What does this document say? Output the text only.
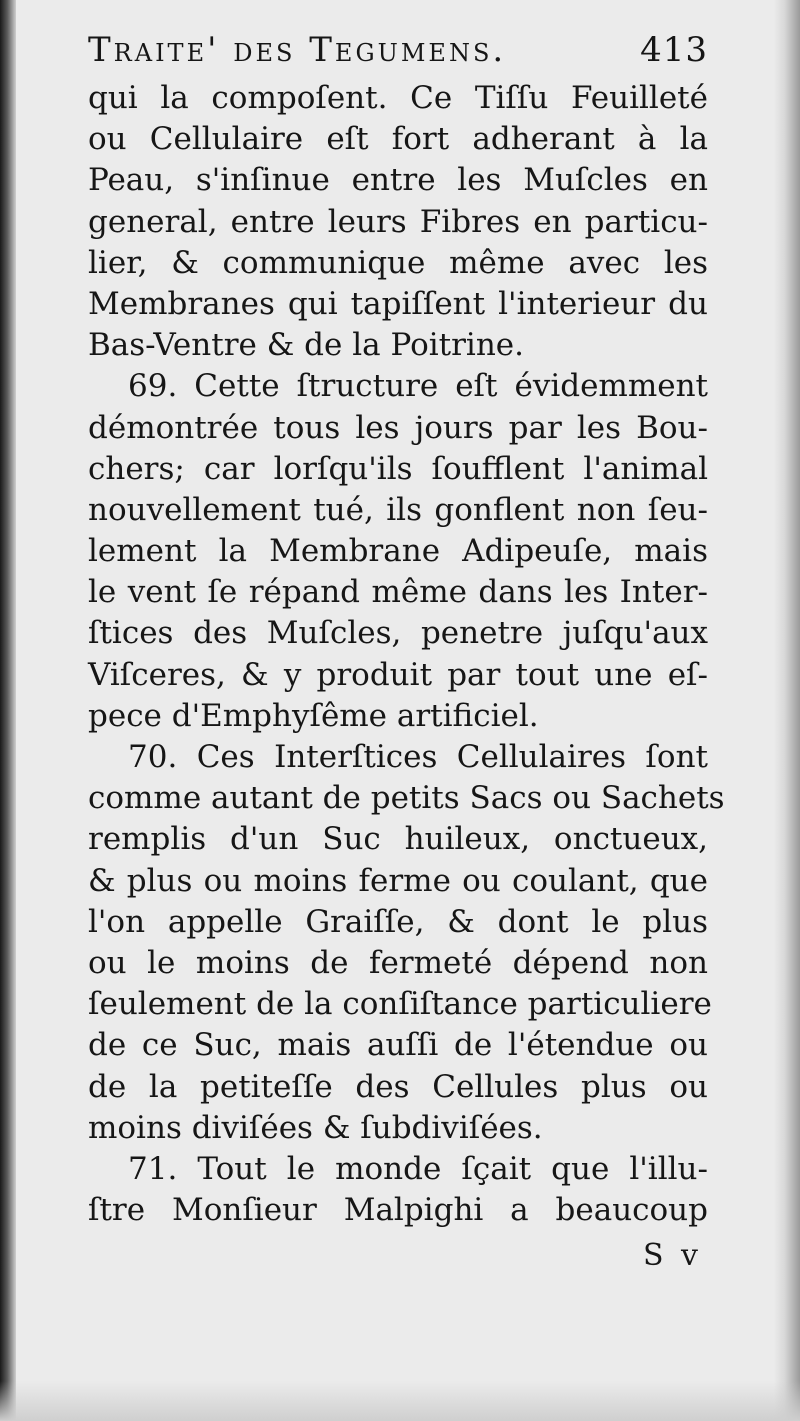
Traite' des Tegumens.	413
qui la compoſent. Ce Tiſſu Feuilleté
ou Cellulaire eſt fort adherant à la
Peau, s'inſinue entre les Muſcles en
general, entre leurs Fibres en particu-
lier, & communique même avec les
Membranes qui tapiſſent l'interieur du
Bas-Ventre & de la Poitrine.
69. Cette ſtructure eſt évidemment
démontrée tous les jours par les Bou-
chers; car lorſqu'ils ſoufflent l'animal
nouvellement tué, ils gonflent non ſeu-
lement la Membrane Adipeuſe, mais
le vent ſe répand même dans les Inter-
ſtices des Muſcles, penetre juſqu'aux
Viſceres, & y produit par tout une eſ-
pece d'Emphyſême artificiel.
70. Ces Interſtices Cellulaires ſont
comme autant de petits Sacs ou Sachets
remplis d'un Suc huileux, onctueux,
& plus ou moins ferme ou coulant, que
l'on appelle Graiſſe, & dont le plus
ou le moins de fermeté dépend non
ſeulement de la conſiſtance particuliere
de ce Suc, mais auſſi de l'étendue ou
de la petiteſſe des Cellules plus ou
moins diviſées & ſubdiviſées.
71. Tout le monde ſçait que l'illu-
ſtre Monſieur Malpighi a beaucoup
S v
